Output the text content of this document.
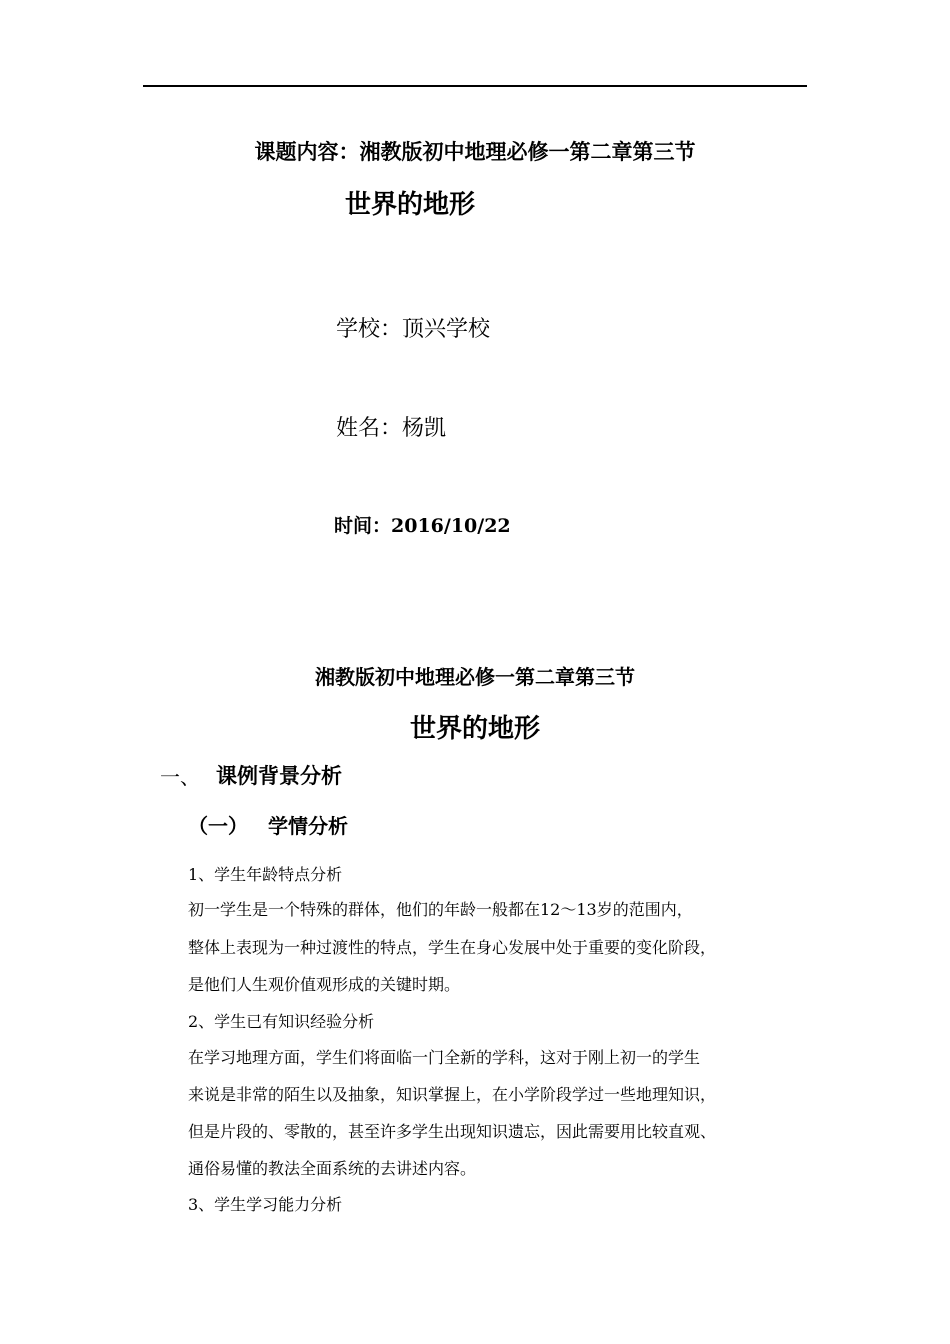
课题内容：湘教版初中地理必修一第二章第三节
世界的地形
学校：顶兴学校
姓名：杨凯
时间：2016/10/22
湘教版初中地理必修一第二章第三节
世界的地形
一、 课例背景分析
（一） 学情分析
1、学生年龄特点分析
初一学生是一个特殊的群体，他们的年龄一般都在12～13岁的范围内，
整体上表现为一种过渡性的特点，学生在身心发展中处于重要的变化阶段，
是他们人生观价值观形成的关键时期。
2、学生已有知识经验分析
在学习地理方面，学生们将面临一门全新的学科，这对于刚上初一的学生
来说是非常的陌生以及抽象，知识掌握上，在小学阶段学过一些地理知识，
但是片段的、零散的，甚至许多学生出现知识遗忘，因此需要用比较直观、
通俗易懂的教法全面系统的去讲述内容。
3、学生学习能力分析
